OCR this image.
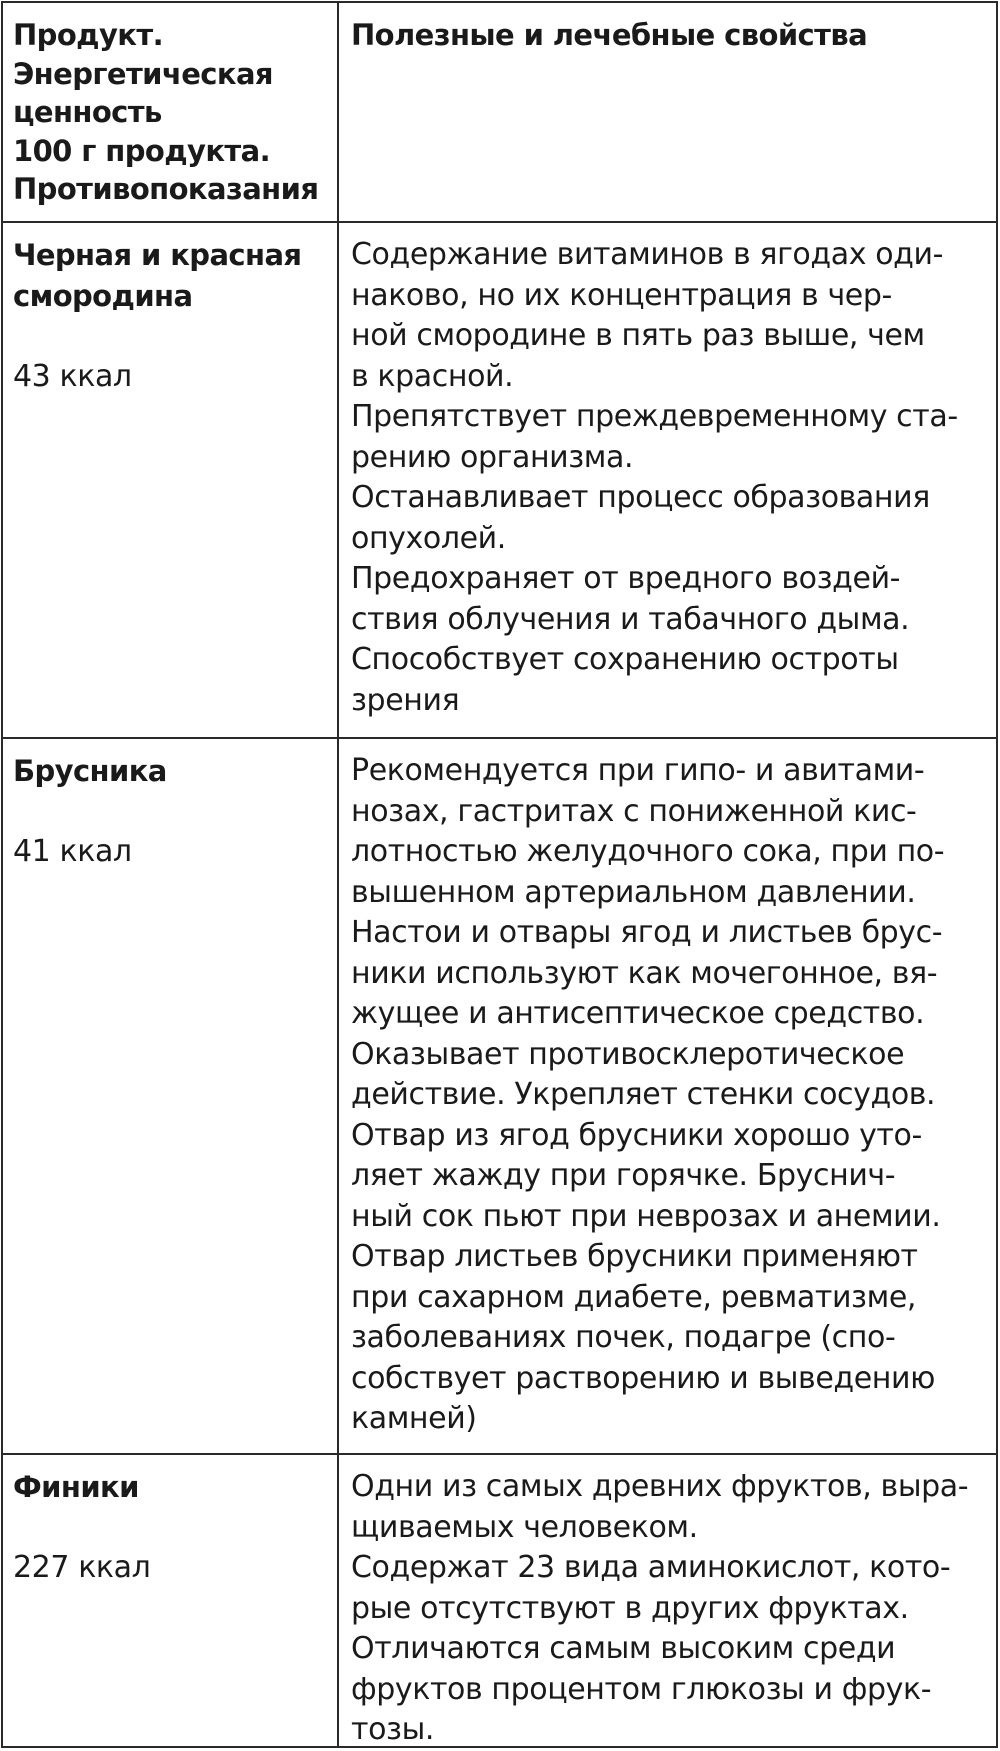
Продукт.
Энергетическая
ценность
100 г продукта.
Противопоказания
Полезные и лечебные свойства
Черная и красная
смородина
43 ккал
Содержание витаминов в ягодах оди-
наково, но их концентрация в чер-
ной смородине в пять раз выше, чем
в красной.
Препятствует преждевременному ста-
рению организма.
Останавливает процесс образования
опухолей.
Предохраняет от вредного воздей-
ствия облучения и табачного дыма.
Способствует сохранению остроты
зрения
Брусника
41 ккал
Рекомендуется при гипо- и авитами-
нозах, гастритах с пониженной кис-
лотностью желудочного сока, при по-
вышенном артериальном давлении.
Настои и отвары ягод и листьев брус-
ники используют как мочегонное, вя-
жущее и антисептическое средство.
Оказывает противосклеротическое
действие. Укрепляет стенки сосудов.
Отвар из ягод брусники хорошо уто-
ляет жажду при горячке. Бруснич-
ный сок пьют при неврозах и анемии.
Отвар листьев брусники применяют
при сахарном диабете, ревматизме,
заболеваниях почек, подагре (спо-
собствует растворению и выведению
камней)
Финики
227 ккал
Одни из самых древних фруктов, выра-
щиваемых человеком.
Содержат 23 вида аминокислот, кото-
рые отсутствуют в других фруктах.
Отличаются самым высоким среди
фруктов процентом глюкозы и фрук-
тозы.
